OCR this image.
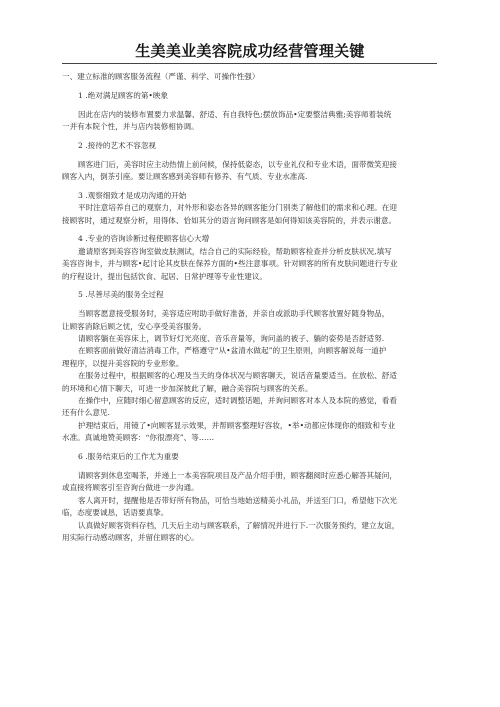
生美美业美容院成功经营管理关键
一、建立标准的顾客服务流程（严谨、科学、可操作性强）
1 .绝对满足顾客的第•映象
因此在店内的装修布置要力求温馨、舒适、有自我特色;摆放饰品•定要整洁典雅;美容师着装统
一并有本院个性，并与店内装修相协调。
2 .接待的艺术不容忽视
顾客进门后，美容时应主动热情上前问候，保持低姿态，以专业礼仪和专业术语，面带微笑迎接
顾客入内，倒茶引座。要让顾客感到美容师有修养、有气质、专业水准高.
3 .观察细致才是成功沟通的开始
平时注意培养自己的观察力，对外形和姿态各异的顾客能分门别类了解他们的需求和心理。在迎
接顾客时，通过观察分析，用得体、恰如其分的语言询问顾客是如何得知该美容院的，并表示谢意。
4 .专业的咨询诊断过程使顾客信心大增
邀请原客到美容咨询室做皮肤测试，结合自己的实际经验，帮助顾客检查并分析皮肤状况,填写
美容咨询卡，并与顾客•起讨论其皮肤在保养方面的•些注意事项。针对顾客的所有皮肤问题进行专业
的疗程设计，提出包括饮食、起居、日常护理等专业性建议。
5 .尽善尽美的服务全过程
当顾客愿意接受服务时，美容适应咐助手做好准备，并亲自或派助手代顾客放置好随身物品，
让顾客消除后顾之忧，安心享受美容服务。
请顾客躺在美容床上，调节好灯光亮度、音乐音量等，询问盖的被子、躺的姿势是否舒适努.
在顾客面前做好清洁消毒工作，严格遵守“从•盆清水做起”的卫生原则，向顾客解说每一道护
理程序，以提升美容院的专业形象。
在服务过程中，根据顾客的心理及当天的身体状况与顾客聊天，说话音量要适当。在放松、舒适
的环境和心情下聊天，可进一步加深彼此了解，融合美容院与顾客的关系。
在操作中，应随时细心留意顾客的反应，适时调整话题，并询问顾客对本人及本院的感觉，看看
还有什么意见.
护理结束后，用镜了•向顾客显示效果，并帮顾客整理好容妆，•举•动都应体现你的细致和专业
水准。真诚地赞美顾客：“你很漂亮”、等……
6 .服务结束后的工作尤为重要
请顾客到休息室喝茶，并递上一本美容院项目及产品介绍手册，顾客翻阅时应悉心解答其疑问，
或直接将顾客引至咨询台做进一步沟通。
客人离开时，提醒他是否带好所有物品，可恰当地始送精美小礼品，并送至门口，希望他下次光
临，态度要诚恳，话语要真挚。
认真做好顾客资料存档，几天后主动与顾客联系，了解情况并进行下.一次服务预约，建立友谊，
用实际行动感动顾客，并留住顾客的心。
